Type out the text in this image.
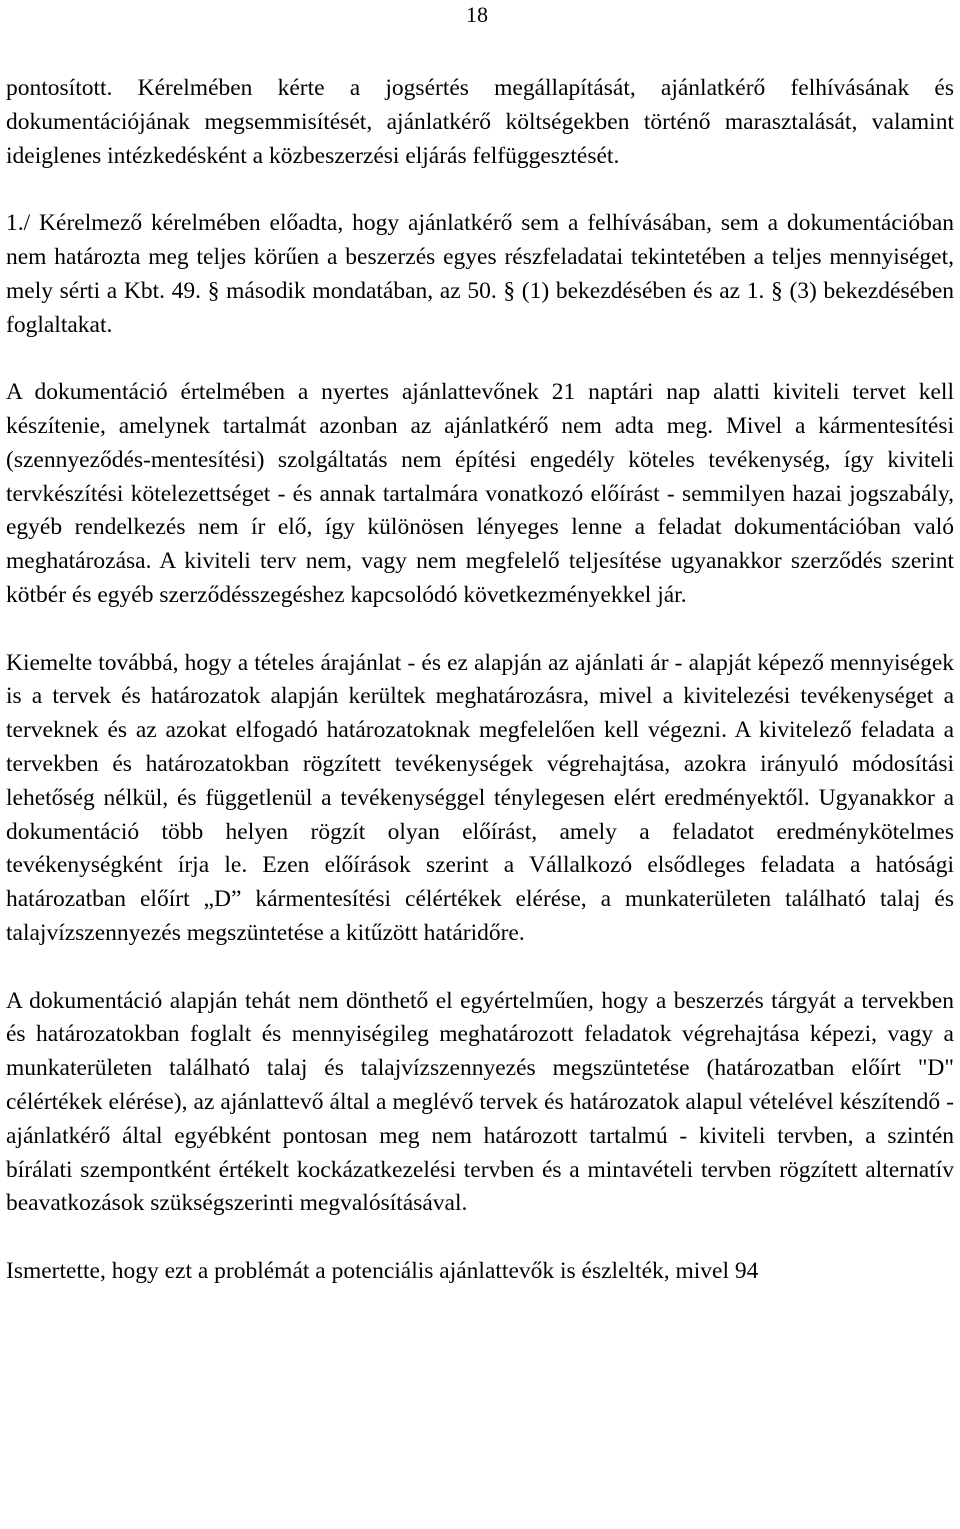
18

pontosított. Kérelmében kérte a jogsértés megállapítását, ajánlatkérő felhívásának és dokumentációjának megsemmisítését, ajánlatkérő költségekben történő marasztalását, valamint ideiglenes intézkedésként a közbeszerzési eljárás felfüggesztését.

1./ Kérelmező kérelmében előadta, hogy ajánlatkérő sem a felhívásában, sem a dokumentációban nem határozta meg teljes körűen a beszerzés egyes részfeladatai tekintetében a teljes mennyiséget, mely sérti a Kbt. 49. § második mondatában, az 50. § (1) bekezdésében és az 1. § (3) bekezdésében foglaltakat.

A dokumentáció értelmében a nyertes ajánlattevőnek 21 naptári nap alatti kiviteli tervet kell készítenie, amelynek tartalmát azonban az ajánlatkérő nem adta meg. Mivel a kármentesítési (szennyeződés-mentesítési) szolgáltatás nem építési engedély köteles tevékenység, így kiviteli tervkészítési kötelezettséget - és annak tartalmára vonatkozó előírást - semmilyen hazai jogszabály, egyéb rendelkezés nem ír elő, így különösen lényeges lenne a feladat dokumentációban való meghatározása. A kiviteli terv nem, vagy nem megfelelő teljesítése ugyanakkor szerződés szerint kötbér és egyéb szerződésszegéshez kapcsolódó következményekkel jár.

Kiemelte továbbá, hogy a tételes árajánlat - és ez alapján az ajánlati ár - alapját képező mennyiségek is a tervek és határozatok alapján kerültek meghatározásra, mivel a kivitelezési tevékenységet a terveknek és az azokat elfogadó határozatoknak megfelelően kell végezni. A kivitelező feladata a tervekben és határozatokban rögzített tevékenységek végrehajtása, azokra irányuló módosítási lehetőség nélkül, és függetlenül a tevékenységgel ténylegesen elért eredményektől. Ugyanakkor a dokumentáció több helyen rögzít olyan előírást, amely a feladatot eredménykötelmes tevékenységként írja le. Ezen előírások szerint a Vállalkozó elsődleges feladata a hatósági határozatban előírt „D” kármentesítési célértékek elérése, a munkaterületen található talaj és talajvízszennyezés megszüntetése a kitűzött határidőre.

A dokumentáció alapján tehát nem dönthető el egyértelműen, hogy a beszerzés tárgyát a tervekben és határozatokban foglalt és mennyiségileg meghatározott feladatok végrehajtása képezi, vagy a munkaterületen található talaj és talajvízszennyezés megszüntetése (határozatban előírt "D" célértékek elérése), az ajánlattevő által a meglévő tervek és határozatok alapul vételével készítendő - ajánlatkérő által egyébként pontosan meg nem határozott tartalmú - kiviteli tervben, a szintén bírálati szempontként értékelt kockázatkezelési tervben és a mintavételi tervben rögzített alternatív beavatkozások szükségszerinti megvalósításával.

Ismertette, hogy ezt a problémát a potenciális ajánlattevők is észlelték, mivel 94
